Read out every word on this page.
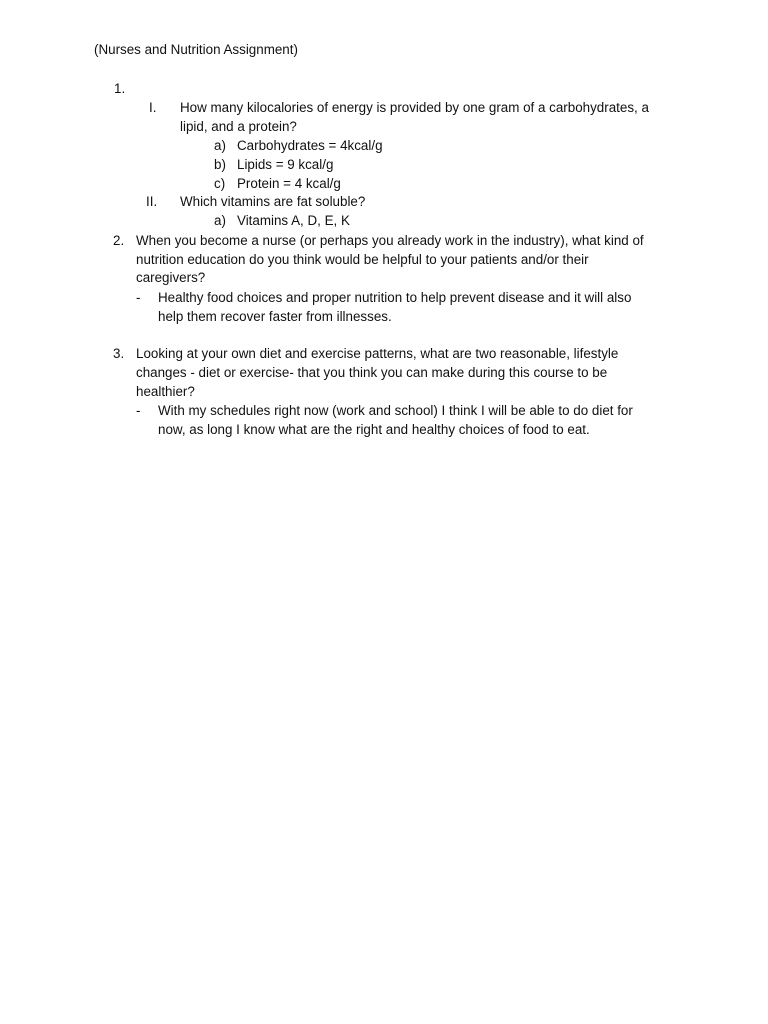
(Nurses and Nutrition Assignment)
1.
I. How many kilocalories of energy is provided by one gram of a carbohydrates, a
lipid, and a protein?
a) Carbohydrates = 4kcal/g
b) Lipids = 9 kcal/g
c) Protein = 4 kcal/g
II. Which vitamins are fat soluble?
a) Vitamins A, D, E, K
2. When you become a nurse (or perhaps you already work in the industry), what kind of
nutrition education do you think would be helpful to your patients and/or their
caregivers?
- Healthy food choices and proper nutrition to help prevent disease and it will also
help them recover faster from illnesses.
3. Looking at your own diet and exercise patterns, what are two reasonable, lifestyle
changes - diet or exercise- that you think you can make during this course to be
healthier?
- With my schedules right now (work and school) I think I will be able to do diet for
now, as long I know what are the right and healthy choices of food to eat.
